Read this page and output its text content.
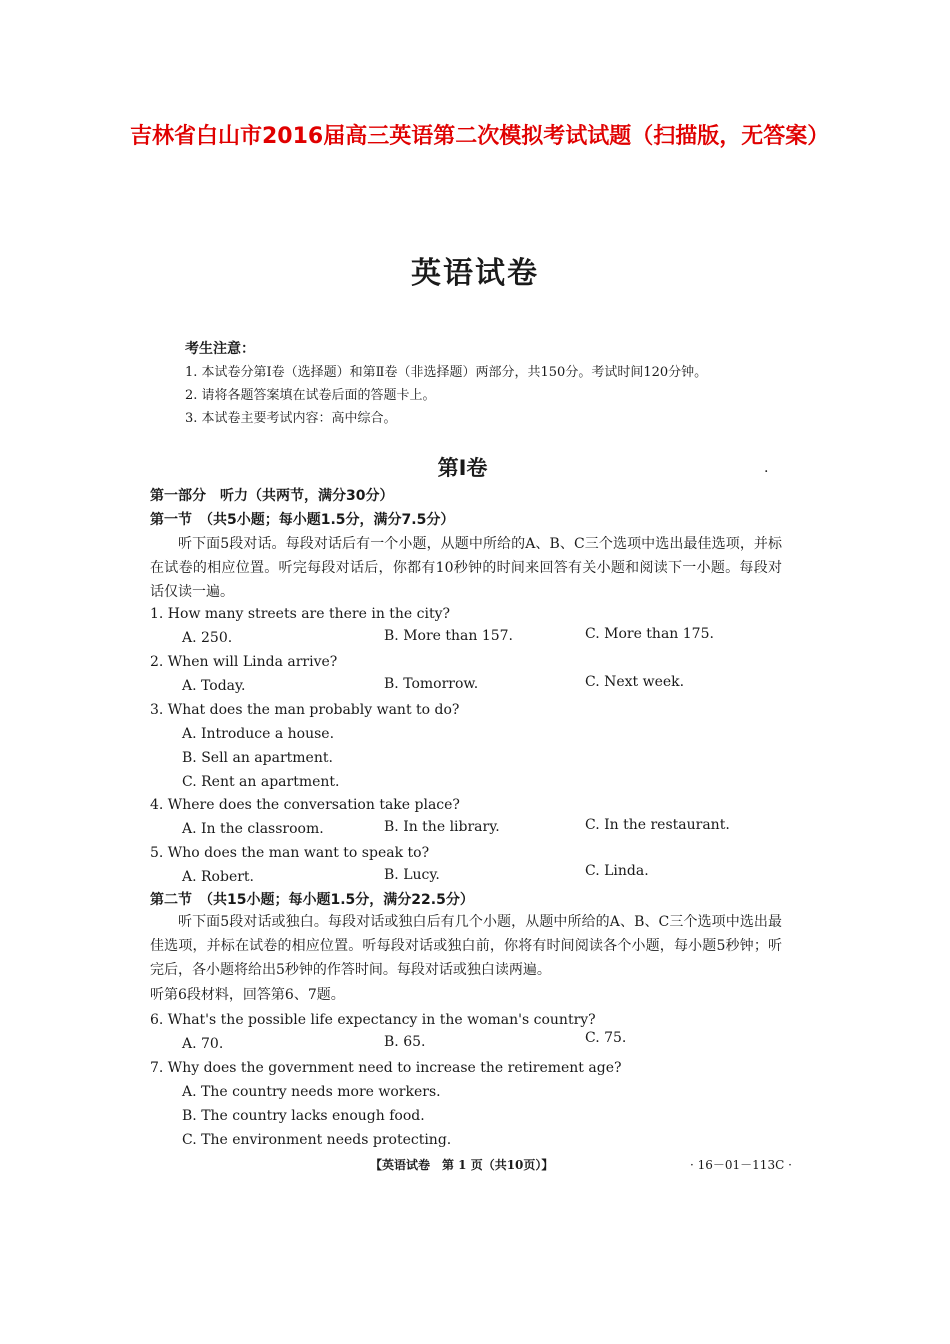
吉林省白山市2016届高三英语第二次模拟考试试题（扫描版，无答案）
英语试卷
考生注意：
1. 本试卷分第Ⅰ卷（选择题）和第Ⅱ卷（非选择题）两部分，共150分。考试时间120分钟。
2. 请将各题答案填在试卷后面的答题卡上。
3. 本试卷主要考试内容：高中综合。
第Ⅰ卷	.
第一部分　听力（共两节，满分30分）
第一节　（共5小题；每小题1.5分，满分7.5分）
听下面5段对话。每段对话后有一个小题，从题中所给的A、B、C三个选项中选出最佳选项，并标在试卷的相应位置。听完每段对话后，你都有10秒钟的时间来回答有关小题和阅读下一小题。每段对话仅读一遍。
1. How many streets are there in the city?
A. 250.	B. More than 157.	C. More than 175.
2. When will Linda arrive?
A. Today.	B. Tomorrow.	C. Next week.
3. What does the man probably want to do?
A. Introduce a house.
B. Sell an apartment.
C. Rent an apartment.
4. Where does the conversation take place?
A. In the classroom.	B. In the library.	C. In the restaurant.
5. Who does the man want to speak to?
A. Robert.	B. Lucy.	C. Linda.
第二节　（共15小题；每小题1.5分，满分22.5分）
听下面5段对话或独白。每段对话或独白后有几个小题，从题中所给的A、B、C三个选项中选出最佳选项，并标在试卷的相应位置。听每段对话或独白前，你将有时间阅读各个小题，每小题5秒钟；听完后，各小题将给出5秒钟的作答时间。每段对话或独白读两遍。
听第6段材料，回答第6、7题。
6. What's the possible life expectancy in the woman's country?
A. 70.	B. 65.	C. 75.
7. Why does the government need to increase the retirement age?
A. The country needs more workers.
B. The country lacks enough food.
C. The environment needs protecting.
【英语试卷　第 1 页（共10页）】	· 16－01－113C ·
